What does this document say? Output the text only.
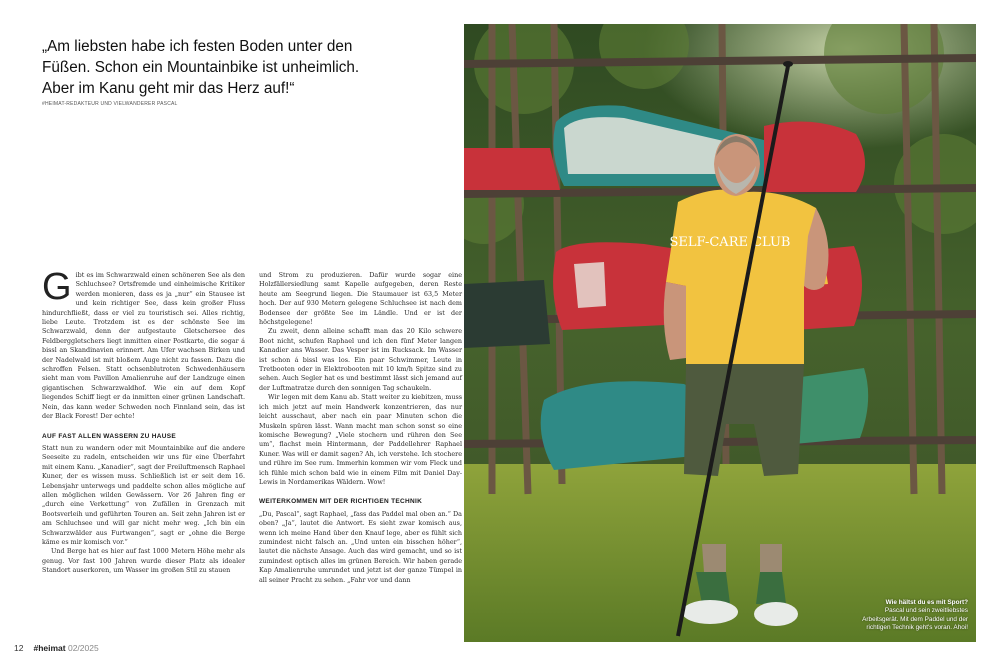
„Am liebsten habe ich festen Boden unter den Füßen. Schon ein Mountainbike ist unheimlich. Aber im Kanu geht mir das Herz auf!“

#HEIMAT-REDAKTEUR UND VIELWANDERER PASCAL

Gibt es im Schwarzwald einen schöneren See als den Schluchsee? Ortsfremde und einheimische Kritiker werden monieren, dass es ja „nur“ ein Stausee ist und kein richtiger See, dass kein großer Fluss hindurchfließt, dass er viel zu touristisch sei. Alles richtig, liebe Leute. Trotzdem ist es der schönste See im Schwarzwald, denn der aufgestaute Gletschersee des Feldberggletschers liegt inmitten einer Postkarte, die sogar á bissl an Skandinavien erinnert. Am Ufer wachsen Birken und der Nadelwald ist mit bloßem Auge nicht zu fassen. Dazu die schroffen Felsen. Statt ochsenblutroten Schwedenhäusern sieht man vom Pavillon Amalienruhe auf der Landzuge einen gigantischen Schwarzwaldhof. Wie ein auf dem Kopf liegendes Schiff liegt er da inmitten einer grünen Landschaft. Nein, das kann weder Schweden noch Finnland sein, das ist der Black Forest! Der echte!

AUF FAST ALLEN WASSERN ZU HAUSE

Statt nun zu wandern oder mit Mountainbike auf die andere Seeseite zu radeln, entscheiden wir uns für eine Überfahrt mit einem Kanu. „Kanadier“, sagt der Freiluftmensch Raphael Kuner, der es wissen muss. Schließlich ist er seit dem 16. Lebensjahr unterwegs und paddelte schon alles mögliche auf allen möglichen wilden Gewässern. Vor 26 Jahren fing er „durch eine Verkettung“ von Zufällen in Grenzach mit Bootsverleih und geführten Touren an. Seit zehn Jahren ist er am Schluchsee und will gar nicht mehr weg. „Ich bin ein Schwarzwälder aus Furtwangen“, sagt er „ohne die Berge käme es mir komisch vor.“

Und Berge hat es hier auf fast 1000 Metern Höhe mehr als genug. Vor fast 100 Jahren wurde dieser Platz als idealer Standort auserkoren, um Wasser im großen Stil zu stauen

und Strom zu produzieren. Dafür wurde sogar eine Holzfällersiedlung samt Kapelle aufgegeben, deren Reste heute am Seegrund liegen. Die Staumauer ist 63,5 Meter hoch. Der auf 930 Metern gelegene Schluchsee ist nach dem Bodensee der größte See im Ländle. Und er ist der höchstgelegene!

Zu zweit, denn alleine schafft man das 20 Kilo schwere Boot nicht, schufen Raphael und ich den fünf Meter langen Kanadier ans Wasser. Das Vesper ist im Rucksack. Im Wasser ist schon á bissl was los. Ein paar Schwimmer, Leute in Tretbooten oder in Elektrobooten mit 10 km/h Spitze sind zu sehen. Auch Segler hat es und bestimmt lässt sich jemand auf der Luftmatratze durch den sonnigen Tag schaukeln.

Wir legen mit dem Kanu ab. Statt weiter zu kiebitzen, muss ich mich jetzt auf mein Handwerk konzentrieren, das nur leicht ausschaut, aber nach ein paar Minuten schon die Muskeln spüren lässt. Wann macht man schon sonst so eine komische Bewegung? „Viele stochern und rühren den See um“, flachst mein Hintermann, der Paddellehrer Raphael Kuner. Was will er damit sagen? Ah, ich verstehe. Ich stochere und rühre im See rum. Immerhin kommen wir vom Fleck und ich fühle mich schon bald wie in einem Film mit Daniel Day-Lewis in Nordamerikas Wäldern. Wow!

WEITERKOMMEN MIT DER RICHTIGEN TECHNIK

„Du, Pascal“, sagt Raphael, „fass das Paddel mal oben an.“ Da oben? „Ja“, lautet die Antwort. Es sieht zwar komisch aus, wenn ich meine Hand über den Knauf lege, aber es fühlt sich zumindest nicht falsch an. „Und unten ein bisschen höher“, lautet die nächste Ansage. Auch das wird gemacht, und so ist zumindest optisch alles im grünen Bereich. Wir haben gerade Kap Amalienruhe umrundet und jetzt ist der ganze Tümpel in all seiner Pracht zu sehen. „Fahr vor und dann

12 #heimat 02/2025
SELF-CARE CLUB
Wie hältst du es mit Sport?
Pascal und sein zweitliebstes Arbeitsgerät. Mit dem Paddel und der richtigen Technik geht's voran. Ahoi!
